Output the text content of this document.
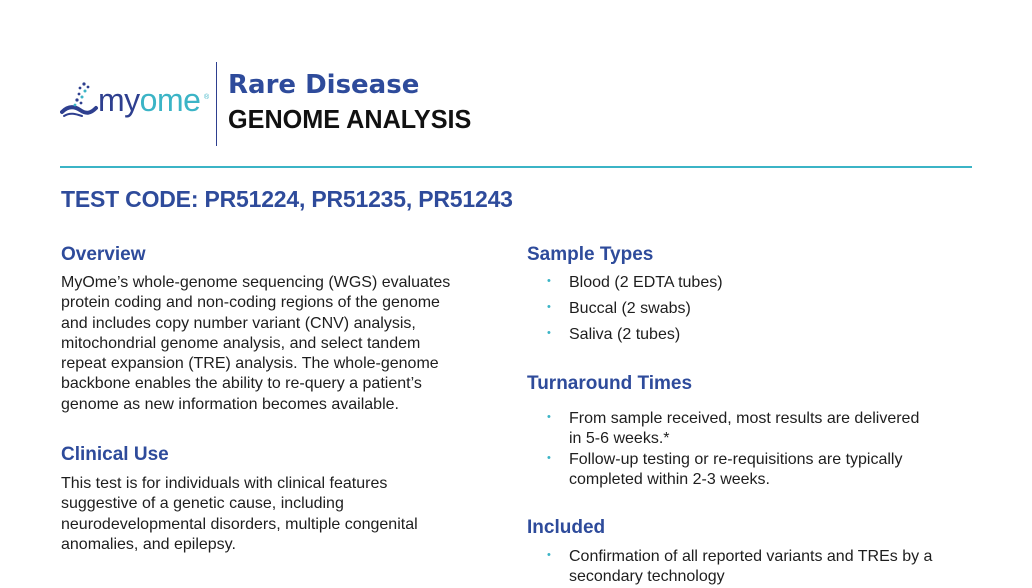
myome ® Rare Disease
GENOME ANALYSIS
TEST CODE: PR51224, PR51235, PR51243
Overview
MyOme’s whole-genome sequencing (WGS) evaluates
protein coding and non-coding regions of the genome
and includes copy number variant (CNV) analysis,
mitochondrial genome analysis, and select tandem
repeat expansion (TRE) analysis. The whole-genome
backbone enables the ability to re-query a patient’s
genome as new information becomes available.
Clinical Use
This test is for individuals with clinical features
suggestive of a genetic cause, including
neurodevelopmental disorders, multiple congenital
anomalies, and epilepsy.
Sample Types
• Blood (2 EDTA tubes)
• Buccal (2 swabs)
• Saliva (2 tubes)
Turnaround Times
• From sample received, most results are delivered
in 5-6 weeks.*
• Follow-up testing or re-requisitions are typically
completed within 2-3 weeks.
Included
• Confirmation of all reported variants and TREs by a
secondary technology
